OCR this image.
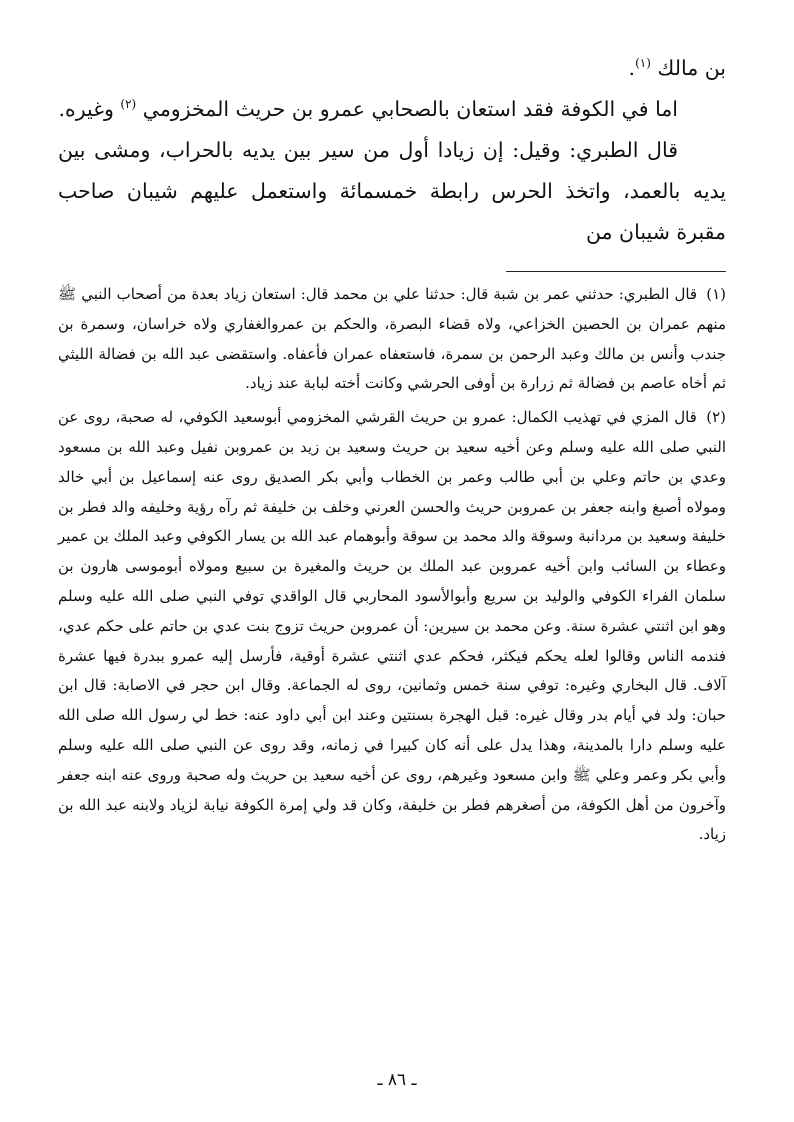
بن مالك $^{(١)}$.

اما في الكوفة فقد استعان بالصحابي عمرو بن حريث المخزومي $^{(٢)}$ وغيره.

قال الطبري: وقيل: إن زيادا أول من سير بين يديه بالحراب، ومشى بين يديه بالعمد، واتخذ الحرس رابطة خمسمائة واستعمل عليهم شيبان صاحب مقبرة شيبان من

(١) قال الطبري: حدثني عمر بن شبة قال: حدثنا علي بن محمد قال: استعان زياد بعدة من أصحاب النبي ﷺ منهم عمران بن الحصين الخزاعي، ولاه قضاء البصرة، والحكم بن عمروالغفاري ولاه خراسان، وسمرة بن جندب وأنس بن مالك وعبد الرحمن بن سمرة، فاستعفاه عمران فأعفاه. واستقضى عبد الله بن فضالة الليثي ثم أخاه عاصم بن فضالة ثم زرارة بن أوفى الحرشي وكانت أخته لبابة عند زياد.

(٢) قال المزي في تهذيب الكمال: عمرو بن حريث القرشي المخزومي أبوسعيد الكوفي، له صحبة، روى عن النبي صلى الله عليه وسلم وعن أخيه سعيد بن حريث وسعيد بن زيد بن عمروبن نفيل وعبد الله بن مسعود وعدي بن حاتم وعلي بن أبي طالب وعمر بن الخطاب وأبي بكر الصديق روى عنه إسماعيل بن أبي خالد ومولاه أصبغ وابنه جعفر بن عمروبن حريث والحسن العرني وخلف بن خليفة ثم رآه رؤية وخليفه والد فطر بن خليفة وسعيد بن مردانبة وسوقة والد محمد بن سوقة وأبوهمام عبد الله بن يسار الكوفي وعبد الملك بن عمير وعطاء بن السائب وابن أخيه عمروبن عبد الملك بن حريث والمغيرة بن سبيع ومولاه أبوموسى هارون بن سلمان الفراء الكوفي والوليد بن سريع وأبوالأسود المحاربي قال الواقدي توفي النبي صلى الله عليه وسلم وهو ابن اثنتي عشرة سنة. وعن محمد بن سيرين: أن عمروبن حريث تزوج بنت عدي بن حاتم على حكم عدي، فندمه الناس وقالوا لعله يحكم فيكثر، فحكم عدي اثنتي عشرة أوقية، فأرسل إليه عمرو ببدرة فيها عشرة آلاف. قال البخاري وغيره: توفي سنة خمس وثمانين، روى له الجماعة. وقال ابن حجر في الاصابة: قال ابن حبان: ولد في أيام بدر وقال غيره: قبل الهجرة بسنتين وعند ابن أبي داود عنه: خط لي رسول الله صلى الله عليه وسلم دارا بالمدينة، وهذا يدل على أنه كان كبيرا في زمانه، وقد روى عن النبي صلى الله عليه وسلم وأبي بكر وعمر وعلي ﷺ وابن مسعود وغيرهم، روى عن أخيه سعيد بن حريث وله صحبة وروى عنه ابنه جعفر وآخرون من أهل الكوفة، من أصغرهم فطر بن خليفة، وكان قد ولي إمرة الكوفة نيابة لزياد ولابنه عبد الله بن زياد.

ـ ٨٦ ـ
